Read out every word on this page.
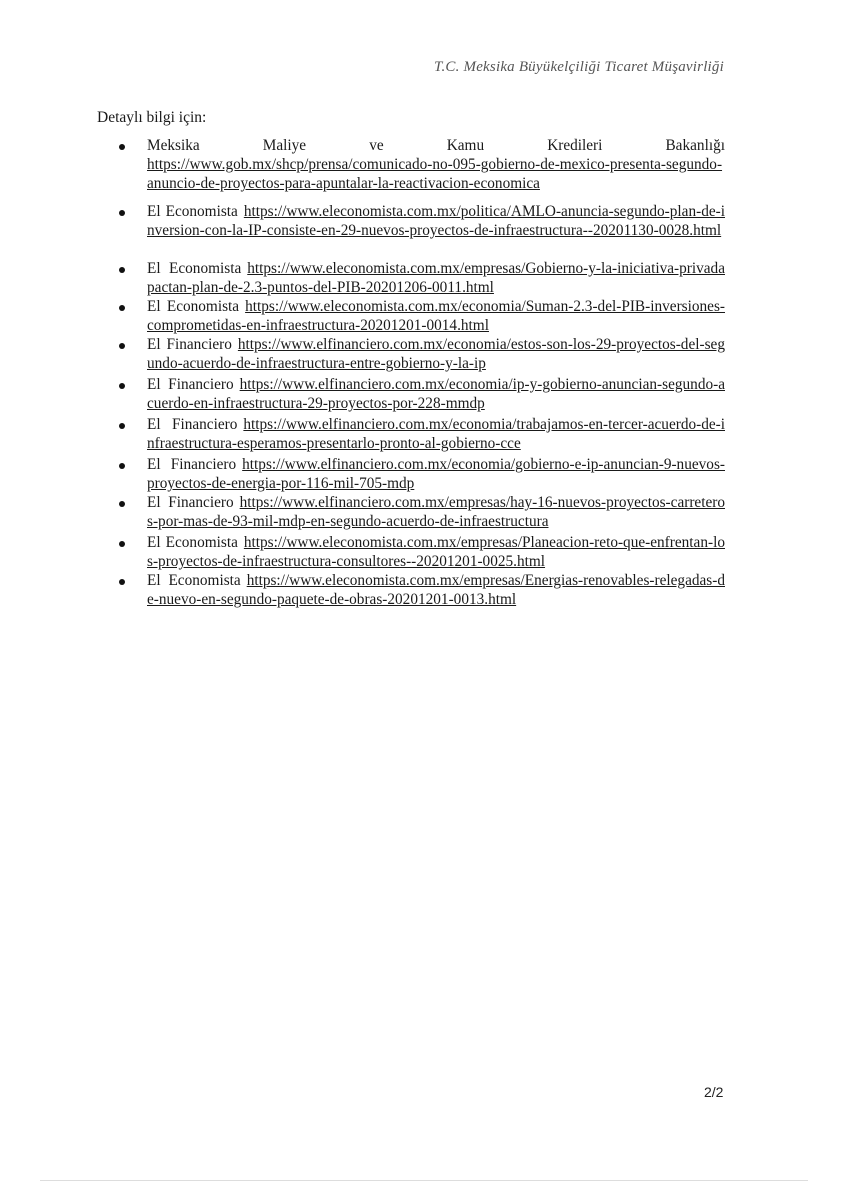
T.C. Meksika Büyükelçiliği Ticaret Müşavirliği
Detaylı bilgi için:
Meksika	Maliye	ve	Kamu	Kredileri	Bakanlığı
https://www.gob.mx/shcp/prensa/comunicado-no-095-gobierno-de-mexico-presenta-segundo-anuncio-de-proyectos-para-apuntalar-la-reactivacion-economica

El Economista https://www.eleconomista.com.mx/politica/AMLO-anuncia-segundo-plan-de-inversion-con-la-IP-consiste-en-29-nuevos-proyectos-de-infraestructura--20201130-0028.html

El Economista https://www.eleconomista.com.mx/empresas/Gobierno-y-la-iniciativa-privadapactan-plan-de-2.3-puntos-del-PIB-20201206-0011.html

El Economista https://www.eleconomista.com.mx/economia/Suman-2.3-del-PIB-inversiones-comprometidas-en-infraestructura-20201201-0014.html

El Financiero https://www.elfinanciero.com.mx/economia/estos-son-los-29-proyectos-del-segundo-acuerdo-de-infraestructura-entre-gobierno-y-la-ip

El Financiero https://www.elfinanciero.com.mx/economia/ip-y-gobierno-anuncian-segundo-acuerdo-en-infraestructura-29-proyectos-por-228-mmdp

El Financiero https://www.elfinanciero.com.mx/economia/trabajamos-en-tercer-acuerdo-de-infraestructura-esperamos-presentarlo-pronto-al-gobierno-cce

El Financiero https://www.elfinanciero.com.mx/economia/gobierno-e-ip-anuncian-9-nuevos-proyectos-de-energia-por-116-mil-705-mdp

El Financiero https://www.elfinanciero.com.mx/empresas/hay-16-nuevos-proyectos-carreteros-por-mas-de-93-mil-mdp-en-segundo-acuerdo-de-infraestructura

El Economista https://www.eleconomista.com.mx/empresas/Planeacion-reto-que-enfrentan-los-proyectos-de-infraestructura-consultores--20201201-0025.html

El Economista https://www.eleconomista.com.mx/empresas/Energias-renovables-relegadas-de-nuevo-en-segundo-paquete-de-obras-20201201-0013.html

2/2
